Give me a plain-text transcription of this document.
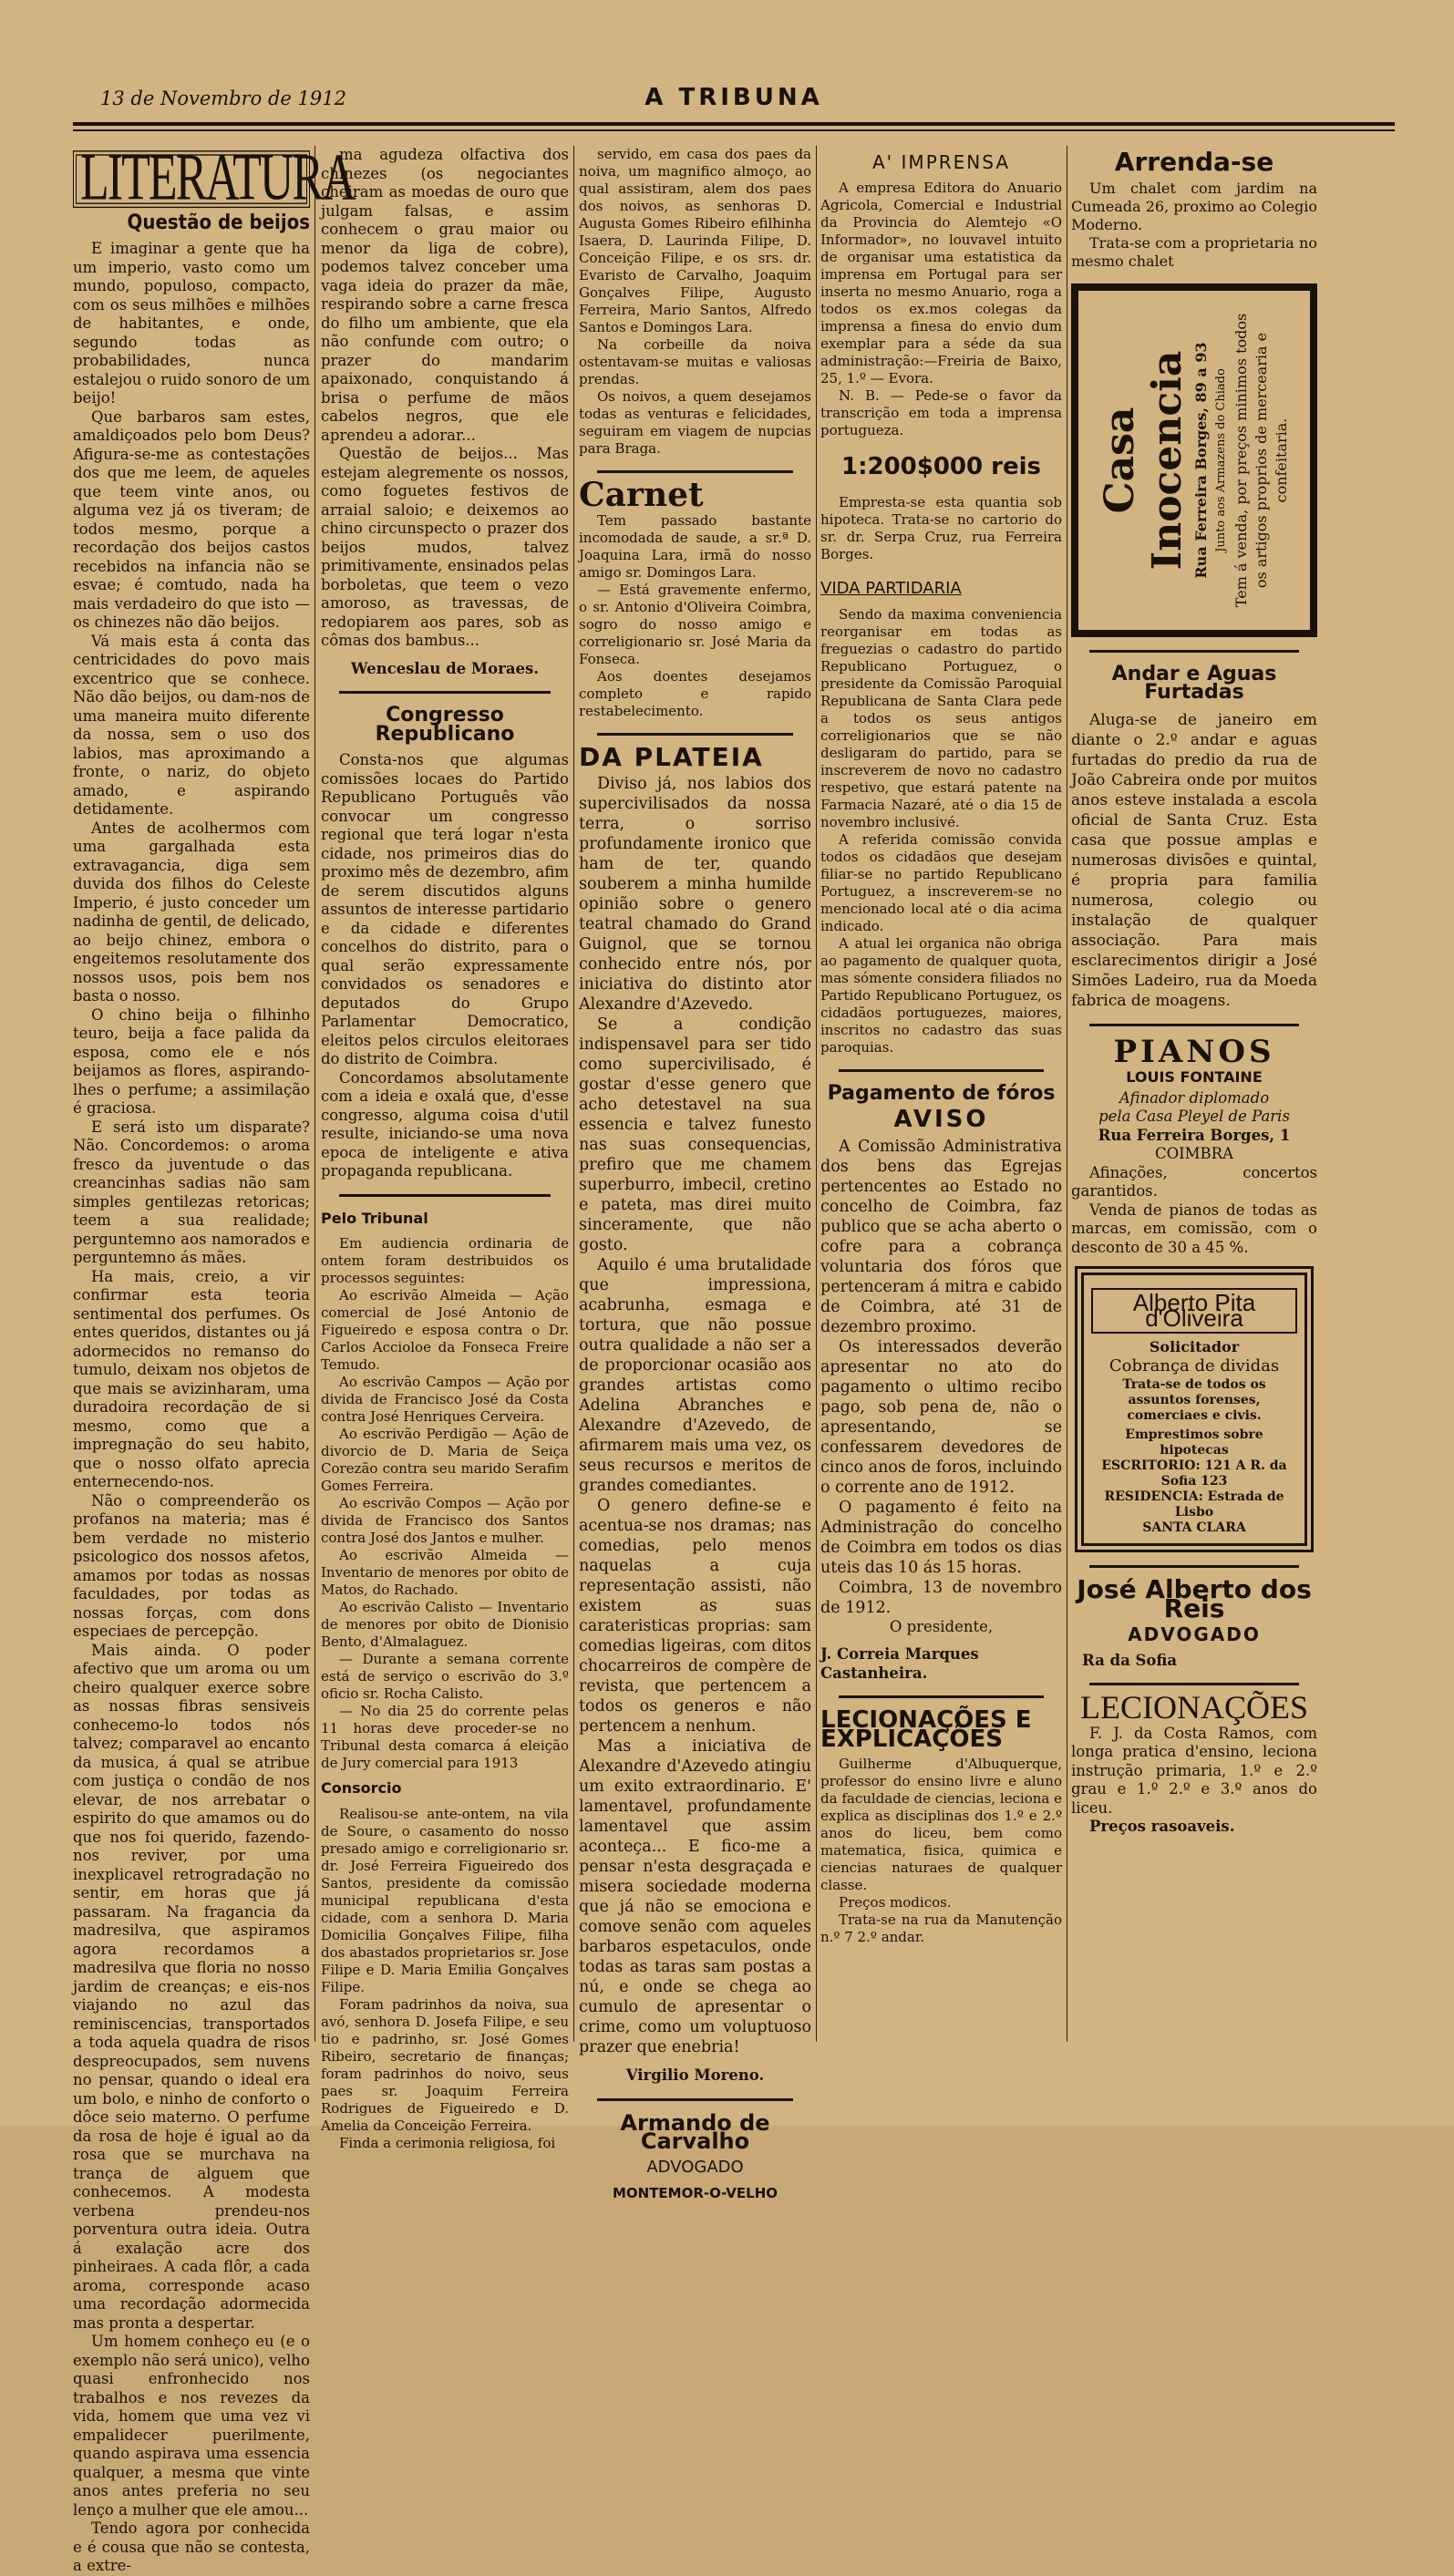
13 de Novembro de 1912	A TRIBUNA
LITERATURA
Questão de beijos

E imaginar a gente que ha um imperio, vasto como um mundo, populoso, compacto, com os seus milhões e milhões de habitantes, e onde, segundo todas as probabilidades, nunca estalejou o ruido sonoro de um beijo!

Que barbaros sam estes, amaldiçoados pelo bom Deus? Afigura-se-me as contestações dos que me leem, de aqueles que teem vinte anos, ou alguma vez já os tiveram; de todos mesmo, porque a recordação dos beijos castos recebidos na infancia não se esvae; é comtudo, nada ha mais verdadeiro do que isto — os chinezes não dão beijos.

Vá mais esta á conta das centricidades do povo mais excentrico que se conhece. Não dão beijos, ou dam-nos de uma maneira muito diferente da nossa, sem o uso dos labios, mas aproximando a fronte, o nariz, do objeto amado, e aspirando detidamente.

Antes de acolhermos com uma gargalhada esta extravagancia, diga sem duvida dos filhos do Celeste Imperio, é justo conceder um nadinha de gentil, de delicado, ao beijo chinez, embora o engeitemos resolutamente dos nossos usos, pois bem nos basta o nosso.

O chino beija o filhinho teuro, beija a face palida da esposa, como ele e nós beijamos as flores, aspirando-lhes o perfume; a assimilação é graciosa.

E será isto um disparate? Não. Concordemos: o aroma fresco da juventude o das creancinhas sadias não sam simples gentilezas retoricas; teem a sua realidade; perguntemno aos namorados e perguntemno ás mães.

Ha mais, creio, a vir confirmar esta teoria sentimental dos perfumes. Os entes queridos, distantes ou já adormecidos no remanso do tumulo, deixam nos objetos de que mais se avizinharam, uma duradoira recordação de si mesmo, como que a impregnação do seu habito, que o nosso olfato aprecia enternecendo-nos.

Não o compreenderão os profanos na materia; mas é bem verdade no misterio psicologico dos nossos afetos, amamos por todas as nossas faculdades, por todas as nossas forças, com dons especiaes de percepção.

Mais ainda. O poder afectivo que um aroma ou um cheiro qualquer exerce sobre as nossas fibras sensiveis conhecemo-lo todos nós talvez; comparavel ao encanto da musica, á qual se atribue com justiça o condão de nos elevar, de nos arrebatar o espirito do que amamos ou do que nos foi querido, fazendo-nos reviver, por uma inexplicavel retrogradação no sentir, em horas que já passaram. Na fragancia da madresilva, que aspiramos agora recordamos a madresilva que floria no nosso jardim de creanças; e eis-nos viajando no azul das reminiscencias, transportados a toda aquela quadra de risos despreocupados, sem nuvens no pensar, quando o ideal era um bolo, e ninho de conforto o dôce seio materno. O perfume da rosa de hoje é igual ao da rosa que se murchava na trança de alguem que conhecemos. A modesta verbena prendeu-nos porventura outra ideia. Outra á exalação acre dos pinheiraes. A cada flôr, a cada aroma, corresponde acaso uma recordação adormecida mas pronta a despertar.

Um homem conheço eu (e o exemplo não será unico), velho quasi enfronhecido nos trabalhos e nos revezes da vida, homem que uma vez vi empalidecer puerilmente, quando aspirava uma essencia qualquer, a mesma que vinte anos antes preferia no seu lenço a mulher que ele amou...

Tendo agora por conhecida e é cousa que não se contesta, a extre-

ma agudeza olfactiva dos chinezes (os negociantes cheiram as moedas de ouro que julgam falsas, e assim conhecem o grau maior ou menor da liga de cobre), podemos talvez conceber uma vaga ideia do prazer da mãe, respirando sobre a carne fresca do filho um ambiente, que ela não confunde com outro; o prazer do mandarim apaixonado, conquistando á brisa o perfume de mãos cabelos negros, que ele aprendeu a adorar...

Questão de beijos... Mas estejam alegremente os nossos, como foguetes festivos de arraial saloio; e deixemos ao chino circunspecto o prazer dos beijos mudos, talvez primitivamente, ensinados pelas borboletas, que teem o vezo amoroso, as travessas, de redopiarem aos pares, sob as cômas dos bambus...

Wenceslau de Moraes.
Congresso Republicano

Consta-nos que algumas comissões locaes do Partido Republicano Português vão convocar um congresso regional que terá logar n'esta cidade, nos primeiros dias do proximo mês de dezembro, afim de serem discutidos alguns assuntos de interesse partidario e da cidade e diferentes concelhos do distrito, para o qual serão expressamente convidados os senadores e deputados do Grupo Parlamentar Democratico, eleitos pelos circulos eleitoraes do distrito de Coimbra.

Concordamos absolutamente com a ideia e oxalá que, d'esse congresso, alguma coisa d'util resulte, iniciando-se uma nova epoca de inteligente e ativa propaganda republicana.

Pelo Tribunal

Em audiencia ordinaria de ontem foram destribuidos os processos seguintes:

Ao escrivão Almeida — Ação comercial de José Antonio de Figueiredo e esposa contra o Dr. Carlos Accioloe da Fonseca Freire Temudo.

Ao escrivão Campos — Ação por divida de Francisco José da Costa contra José Henriques Cerveira.

Ao escrivão Perdigão — Ação de divorcio de D. Maria de Seiça Corezão contra seu marido Serafim Gomes Ferreira.

Ao escrivão Compos — Ação por divida de Francisco dos Santos contra José dos Jantos e mulher.

Ao escrivão Almeida — Inventario de menores por obito de Matos, do Rachado.

Ao escrivão Calisto — Inventario de menores por obito de Dionisio Bento, d'Almalaguez.

— Durante a semana corrente está de serviço o escrivão do 3.º oficio sr. Rocha Calisto.

— No dia 25 do corrente pelas 11 horas deve proceder-se no Tribunal desta comarca á eleição de Jury comercial para 1913

Consorcio

Realisou-se ante-ontem, na vila de Soure, o casamento do nosso presado amigo e correligionario sr. dr. José Ferreira Figueiredo dos Santos, presidente da comissão municipal republicana d'esta cidade, com a senhora D. Maria Domicilia Gonçalves Filipe, filha dos abastados proprietarios sr. Jose Filipe e D. Maria Emilia Gonçalves Filipe.

Foram padrinhos da noiva, sua avó, senhora D. Josefa Filipe, e seu tio e padrinho, sr. José Gomes Ribeiro, secretario de finanças; foram padrinhos do noivo, seus paes sr. Joaquim Ferreira Rodrigues de Figueiredo e D. Amelia da Conceição Ferreira.

Finda a cerimonia religiosa, foi

servido, em casa dos paes da noiva, um magnifico almoço, ao qual assistiram, alem dos paes dos noivos, as senhoras D. Augusta Gomes Ribeiro efilhinha Isaera, D. Laurinda Filipe, D. Conceição Filipe, e os srs. dr. Evaristo de Carvalho, Joaquim Gonçalves Filipe, Augusto Ferreira, Mario Santos, Alfredo Santos e Domingos Lara.

Na corbeille da noiva ostentavam-se muitas e valiosas prendas.

Os noivos, a quem desejamos todas as venturas e felicidades, seguiram em viagem de nupcias para Braga.

Carnet

Tem passado bastante incomodada de saude, a sr.ª D. Joaquina Lara, irmã do nosso amigo sr. Domingos Lara.

— Está gravemente enfermo, o sr. Antonio d'Oliveira Coimbra, sogro do nosso amigo e correligionario sr. José Maria da Fonseca.

Aos doentes desejamos completo e rapido restabelecimento.

DA PLATEIA

Diviso já, nos labios dos supercivilisados da nossa terra, o sorriso profundamente ironico que ham de ter, quando souberem a minha humilde opinião sobre o genero teatral chamado do Grand Guignol, que se tornou conhecido entre nós, por iniciativa do distinto ator Alexandre d'Azevedo.

Se a condição indispensavel para ser tido como supercivilisado, é gostar d'esse genero que acho detestavel na sua essencia e talvez funesto nas suas consequencias, prefiro que me chamem superburro, imbecil, cretino e pateta, mas direi muito sinceramente, que não gosto.

Aquilo é uma brutalidade que impressiona, acabrunha, esmaga e tortura, que não possue outra qualidade a não ser a de proporcionar ocasião aos grandes artistas como Adelina Abranches e Alexandre d'Azevedo, de afirmarem mais uma vez, os seus recursos e meritos de grandes comediantes.

O genero define-se e acentua-se nos dramas; nas comedias, pelo menos naquelas a cuja representação assisti, não existem as suas carateristicas proprias: sam comedias ligeiras, com ditos chocarreiros de compère de revista, que pertencem a todos os generos e não pertencem a nenhum.

Mas a iniciativa de Alexandre d'Azevedo atingiu um exito extraordinario. E' lamentavel, profundamente lamentavel que assim aconteça... E fico-me a pensar n'esta desgraçada e misera sociedade moderna que já não se emociona e comove senão com aqueles barbaros espetaculos, onde todas as taras sam postas a nú, e onde se chega ao cumulo de apresentar o crime, como um voluptuoso prazer que enebria!

Virgilio Moreno.
Armando de Carvalho
ADVOGADO
MONTEMOR-O-VELHO
A' IMPRENSA

A empresa Editora do Anuario Agricola, Comercial e Industrial da Provincia do Alemtejo «O Informador», no louvavel intuito de organisar uma estatistica da imprensa em Portugal para ser inserta no mesmo Anuario, roga a todos os ex.mos colegas da imprensa a finesa do envio dum exemplar para a séde da sua administração:—Freiria de Baixo, 25, 1.º — Evora.

N. B. — Pede-se o favor da transcrição em toda a imprensa portugueza.

1:200$000 reis

Empresta-se esta quantia sob hipoteca. Trata-se no cartorio do sr. dr. Serpa Cruz, rua Ferreira Borges.

VIDA PARTIDARIA

Sendo da maxima conveniencia reorganisar em todas as freguezias o cadastro do partido Republicano Portuguez, o presidente da Comissão Paroquial Republicana de Santa Clara pede a todos os seus antigos correligionarios que se não desligaram do partido, para se inscreverem de novo no cadastro respetivo, que estará patente na Farmacia Nazaré, até o dia 15 de novembro inclusivé.

A referida comissão convida todos os cidadãos que desejam filiar-se no partido Republicano Portuguez, a inscreverem-se no mencionado local até o dia acima indicado.

A atual lei organica não obriga ao pagamento de qualquer quota, mas sómente considera filiados no Partido Republicano Portuguez, os cidadãos portuguezes, maiores, inscritos no cadastro das suas paroquias.

Pagamento de fóros
AVISO

A Comissão Administrativa dos bens das Egrejas pertencentes ao Estado no concelho de Coimbra, faz publico que se acha aberto o cofre para a cobrança voluntaria dos fóros que pertenceram á mitra e cabido de Coimbra, até 31 de dezembro proximo.

Os interessados deverão apresentar no ato do pagamento o ultimo recibo pago, sob pena de, não o apresentando, se confessarem devedores de cinco anos de foros, incluindo o corrente ano de 1912.

O pagamento é feito na Administração do concelho de Coimbra em todos os dias uteis das 10 ás 15 horas.

Coimbra, 13 de novembro de 1912.

O presidente,
J. Correia Marques Castanheira.
LECIONAÇÕES E EXPLICAÇÕES

Guilherme d'Albuquerque, professor do ensino livre e aluno da faculdade de ciencias, leciona e explica as disciplinas dos 1.º e 2.º anos do liceu, bem como matematica, fisica, quimica e ciencias naturaes de qualquer classe.

Preços modicos.

Trata-se na rua da Manutenção n.º 7 2.º andar.

Arrenda-se

Um chalet com jardim na Cumeada 26, proximo ao Colegio Moderno.

Trata-se com a proprietaria no mesmo chalet

Casa Inocencia Rua Ferreira Borges, 89 a 93 Junto aos Armazens do Chiado Tem á venda, por preços minimos todos os artigos proprios de mercearia e confeitaria.
Andar e Aguas Furtadas

Aluga-se de janeiro em diante o 2.º andar e aguas furtadas do predio da rua de João Cabreira onde por muitos anos esteve instalada a escola oficial de Santa Cruz. Esta casa que possue amplas e numerosas divisões e quintal, é propria para familia numerosa, colegio ou instalação de qualquer associação. Para mais esclarecimentos dirigir a José Simões Ladeiro, rua da Moeda fabrica de moagens.

PIANOS
LOUIS FONTAINE
Afinador diplomado
pela Casa Pleyel de Paris
Rua Ferreira Borges, 1
COIMBRA

Afinações, concertos garantidos.

Venda de pianos de todas as marcas, em comissão, com o desconto de 30 a 45 %.

Alberto Pita d'Oliveira
Solicitador
Cobrança de dividas
Trata-se de todos os assuntos forenses, comerciaes e civis.
Emprestimos sobre hipotecas
ESCRITORIO: 121 A R. da Sofia 123
RESIDENCIA: Estrada de Lisbo
SANTA CLARA
José Alberto dos Reis
ADVOGADO
Ra da Sofia
LECIONAÇÕES

F. J. da Costa Ramos, com longa pratica d'ensino, leciona instrução primaria, 1.º e 2.º grau e 1.º 2.º e 3.º anos do liceu.

Preços rasoaveis.
